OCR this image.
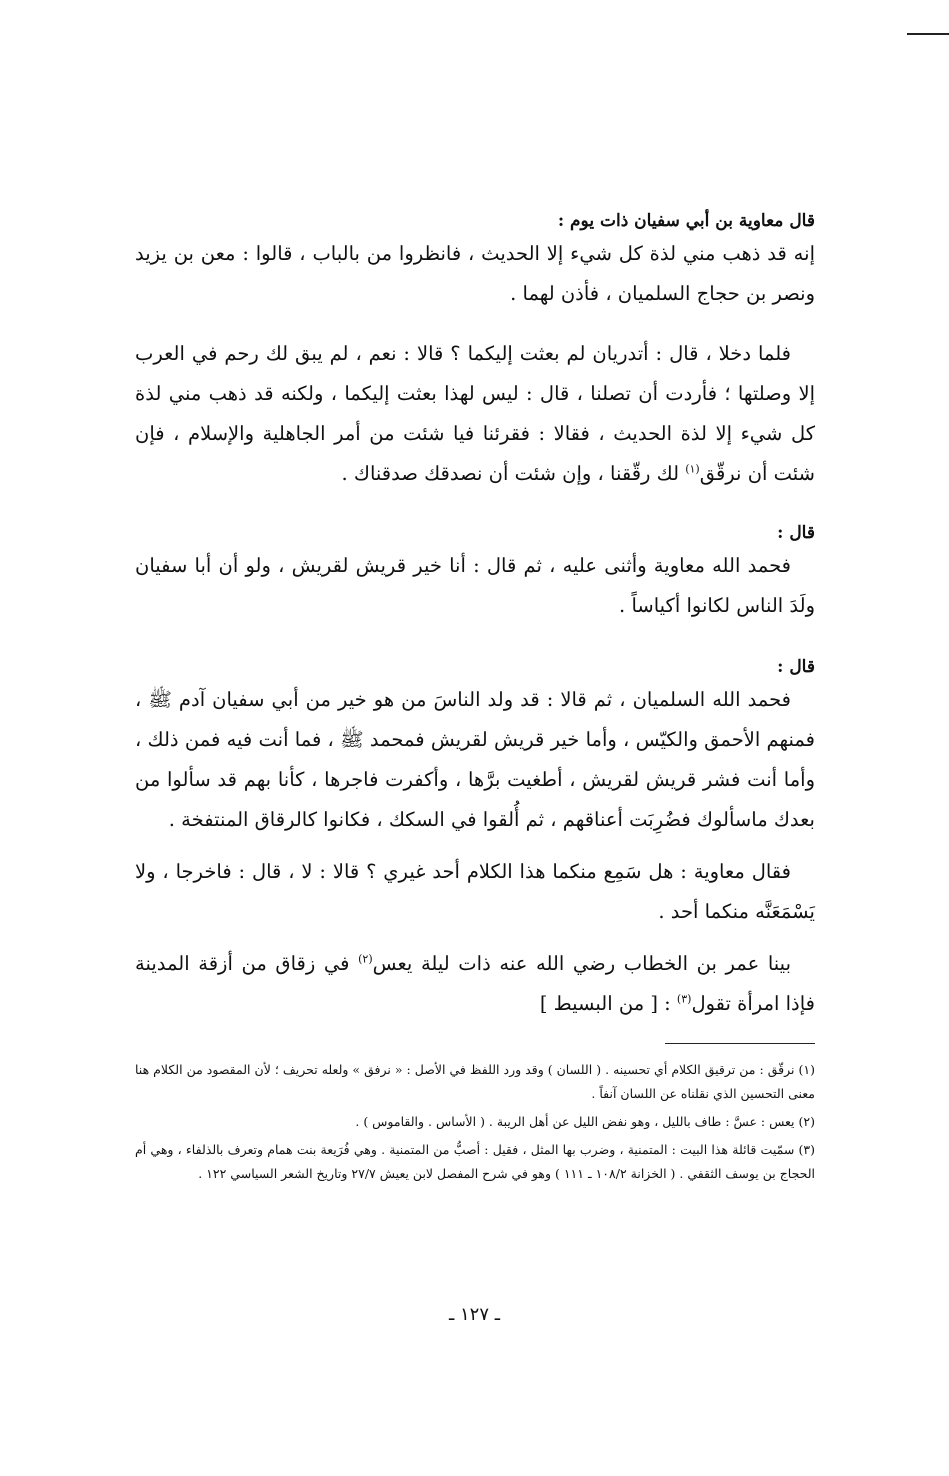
قال معاوية بن أبي سفيان ذات يوم :

إنه قد ذهب مني لذة كل شيء إلا الحديث ، فانظروا من بالباب ، قالوا : معن بن يزيد ونصر بن حجاج السلميان ، فأذن لهما .

فلما دخلا ، قال : أتدريان لم بعثت إليكما ؟ قالا : نعم ، لم يبق لك رحم في العرب إلا وصلتها ؛ فأردت أن تصلنا ، قال : ليس لهذا بعثت إليكما ، ولكنه قد ذهب مني لذة كل شيء إلا لذة الحديث ، فقالا : فقرئنا فيا شئت من أمر الجاهلية والإسلام ، فإن شئت أن نرقّق$^{(١)}$ لك رقّقنا ، وإن شئت أن نصدقك صدقناك .

قال :

فحمد الله معاوية وأثنى عليه ، ثم قال : أنا خير قريش لقريش ، ولو أن أبا سفيان ولَدَ الناس لكانوا أكياساً .

قال :

فحمد الله السلميان ، ثم قالا : قد ولد الناسَ من هو خير من أبي سفيان آدم ﷺ ، فمنهم الأحمق والكيّس ، وأما خير قريش لقريش فمحمد ﷺ ، فما أنت فيه فمن ذلك ، وأما أنت فشر قريش لقريش ، أطغيت برَّها ، وأكفرت فاجرها ، كأنا بهم قد سألوا من بعدك ماسألوك فضُرِبَت أعناقهم ، ثم أُلقوا في السكك ، فكانوا كالرقاق المنتفخة .

فقال معاوية : هل سَمِع منكما هذا الكلام أحد غيري ؟ قالا : لا ، قال : فاخرجا ، ولا يَسْمَعَنَّه منكما أحد .

بينا عمر بن الخطاب رضي الله عنه ذات ليلة يعس$^{(٢)}$ في زقاق من أزقة المدينة فإذا امرأة تقول$^{(٣)}$ : [ من البسيط ]

(١) نرقّق : من ترقيق الكلام أي تحسينه . ( اللسان ) وقد ورد اللفظ في الأصل : « نرفق » ولعله تحريف ؛ لأن المقصود من الكلام هنا معنى التحسين الذي نقلناه عن اللسان آنفاً .

(٢) يعس : عسَّ : طاف بالليل ، وهو نفض الليل عن أهل الريبة . ( الأساس . والقاموس ) .

(٣) سمّيت قائلة هذا البيت : المتمنية ، وضرب بها المثل ، فقيل : أصبُّ من المتمنية . وهي فُرَيعة بنت همام وتعرف بالذلفاء ، وهي أم الحجاج بن يوسف الثقفي . ( الخزانة ١٠٨/٢ ـ ١١١ ) وهو في شرح المفصل لابن يعيش ٢٧/٧ وتاريخ الشعر السياسي ١٢٢ .

ـ ١٢٧ ـ
